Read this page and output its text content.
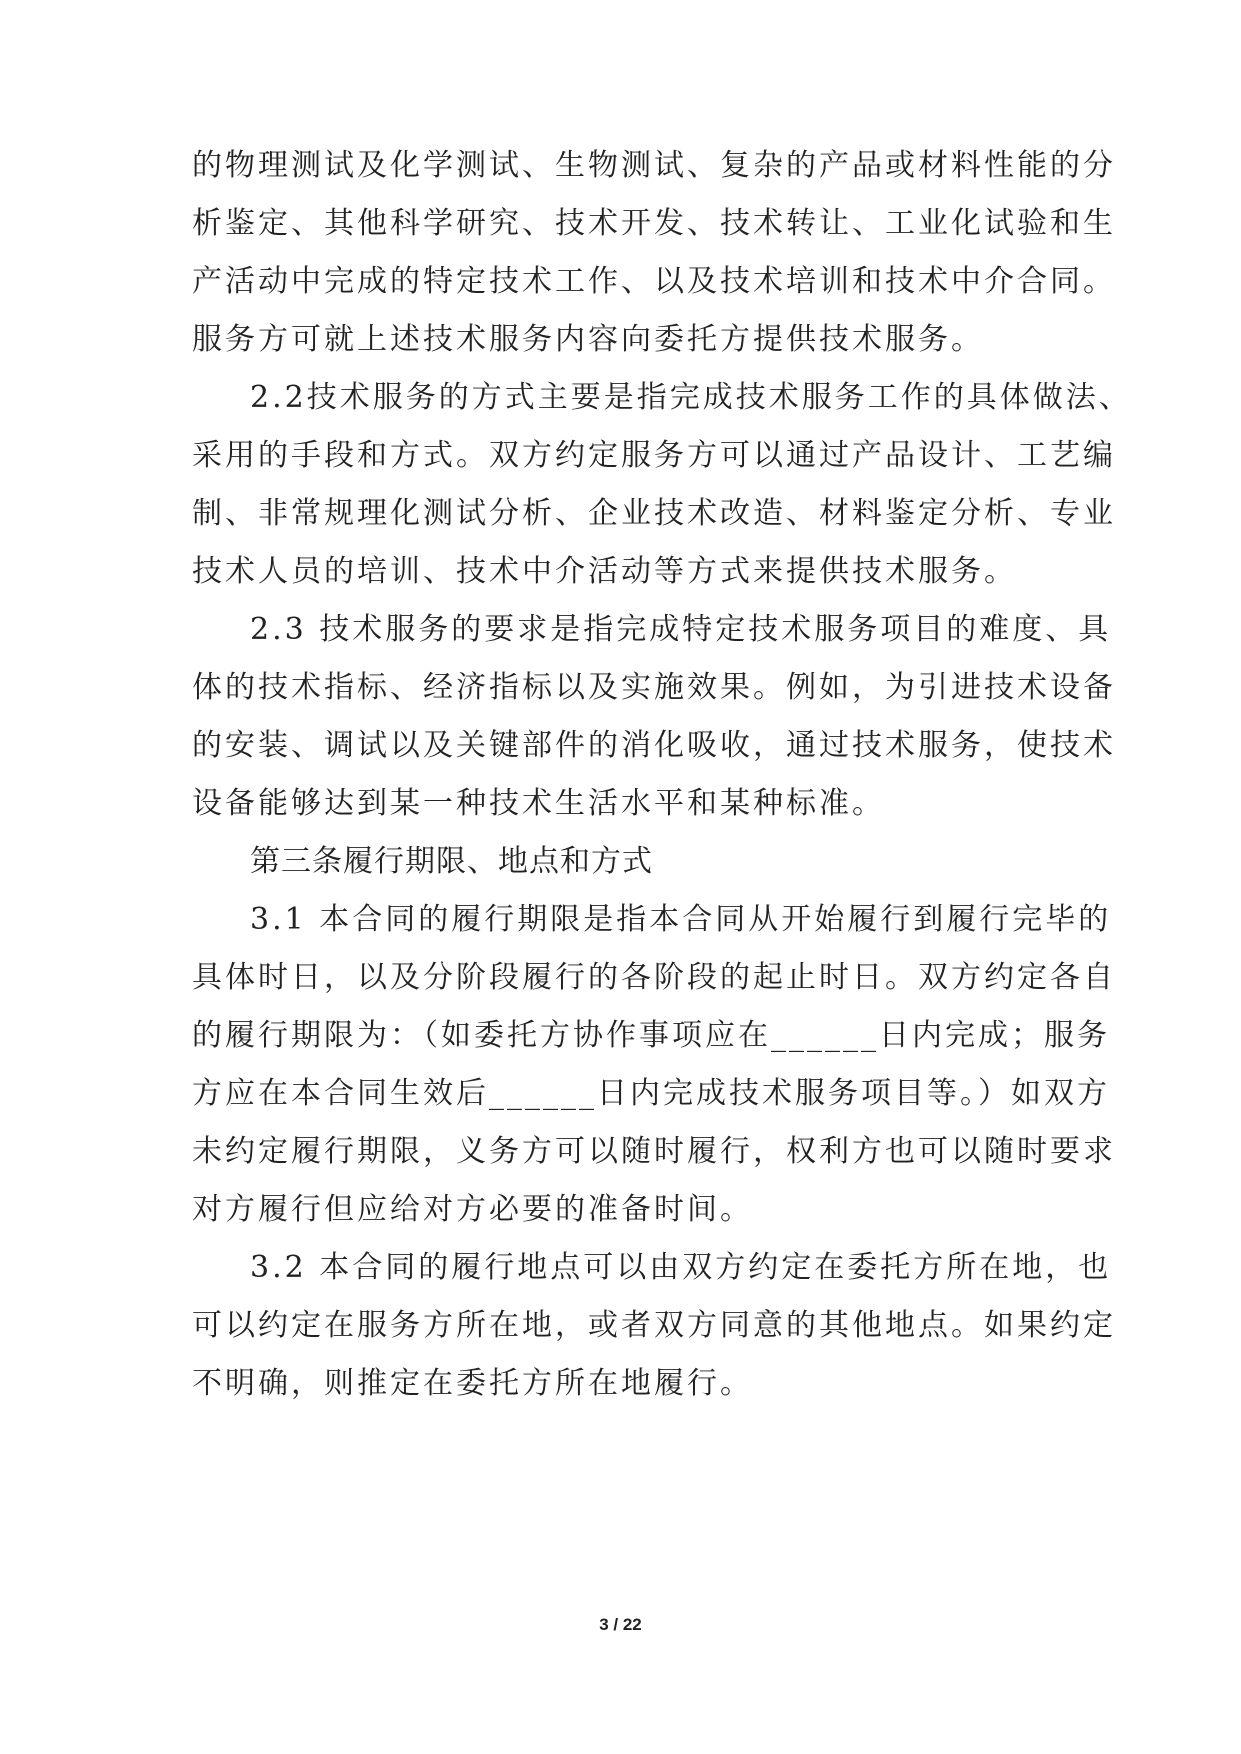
的物理测试及化学测试、生物测试、复杂的产品或材料性能的分

析鉴定、其他科学研究、技术开发、技术转让、工业化试验和生

产活动中完成的特定技术工作、以及技术培训和技术中介合同。

服务方可就上述技术服务内容向委托方提供技术服务。

2.2技术服务的方式主要是指完成技术服务工作的具体做法、

采用的手段和方式。双方约定服务方可以通过产品设计、工艺编

制、非常规理化测试分析、企业技术改造、材料鉴定分析、专业

技术人员的培训、技术中介活动等方式来提供技术服务。

2.3 技术服务的要求是指完成特定技术服务项目的难度、具

体的技术指标、经济指标以及实施效果。例如，为引进技术设备

的安装、调试以及关键部件的消化吸收，通过技术服务，使技术

设备能够达到某一种技术生活水平和某种标准。

第三条履行期限、地点和方式

3.1 本合同的履行期限是指本合同从开始履行到履行完毕的

具体时日，以及分阶段履行的各阶段的起止时日。双方约定各自

的履行期限为：（如委托方协作事项应在______日内完成；服务

方应在本合同生效后______日内完成技术服务项目等。）如双方

未约定履行期限，义务方可以随时履行，权利方也可以随时要求

对方履行但应给对方必要的准备时间。

3.2 本合同的履行地点可以由双方约定在委托方所在地，也

可以约定在服务方所在地，或者双方同意的其他地点。如果约定

不明确，则推定在委托方所在地履行。

3 / 22
